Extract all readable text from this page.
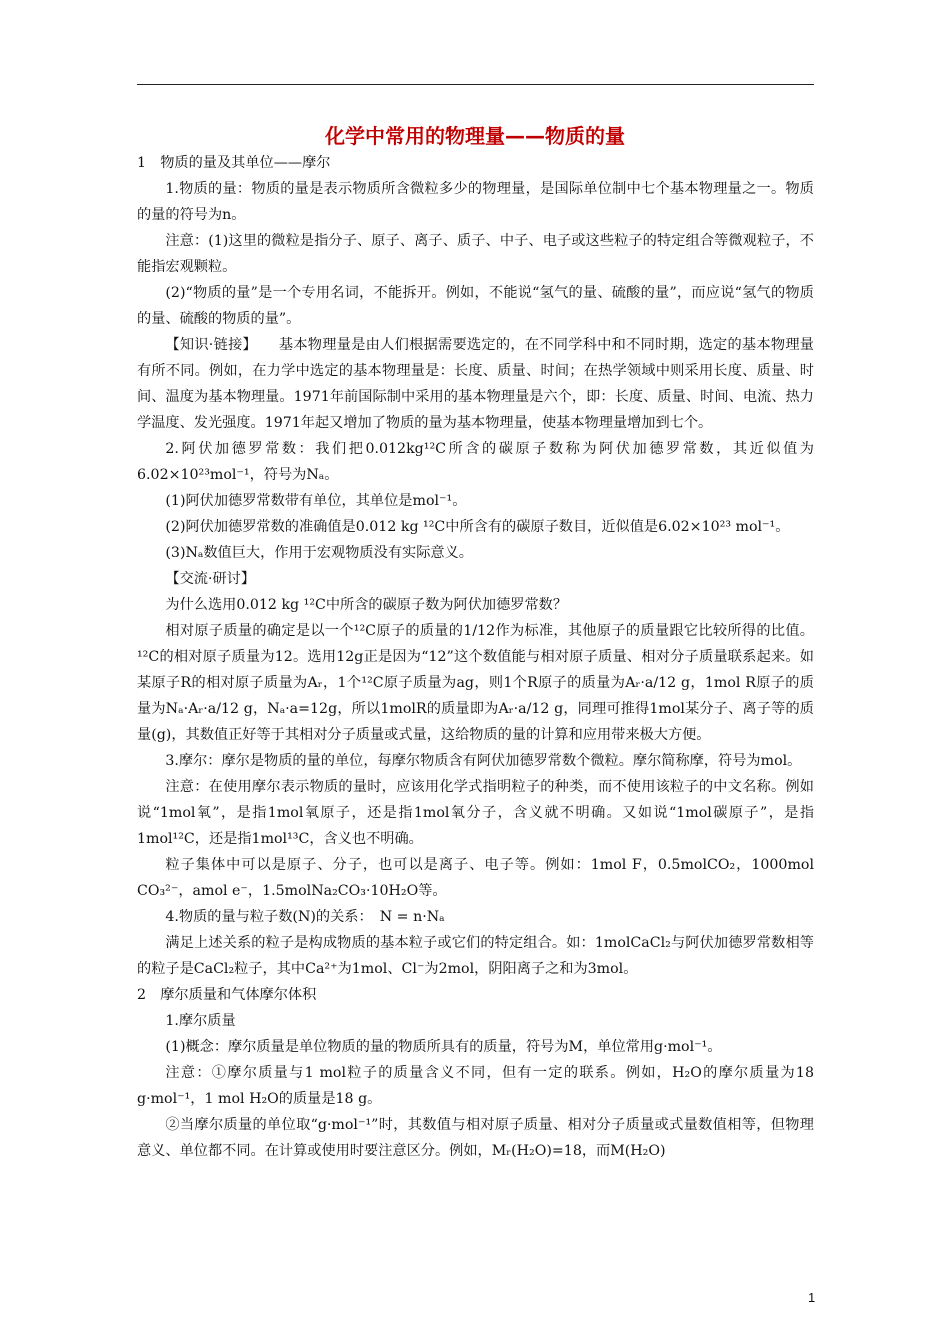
化学中常用的物理量——物质的量

1　物质的量及其单位——摩尔

1.物质的量：物质的量是表示物质所含微粒多少的物理量，是国际单位制中七个基本物理量之一。物质的量的符号为n。

注意：(1)这里的微粒是指分子、原子、离子、质子、中子、电子或这些粒子的特定组合等微观粒子，不能指宏观颗粒。

(2)“物质的量”是一个专用名词，不能拆开。例如，不能说“氢气的量、硫酸的量”，而应说“氢气的物质的量、硫酸的物质的量”。

【知识·链接】　　基本物理量是由人们根据需要选定的，在不同学科中和不同时期，选定的基本物理量有所不同。例如，在力学中选定的基本物理量是：长度、质量、时间；在热学领域中则采用长度、质量、时间、温度为基本物理量。1971年前国际制中采用的基本物理量是六个，即：长度、质量、时间、电流、热力学温度、发光强度。1971年起又增加了物质的量为基本物理量，使基本物理量增加到七个。

2.阿伏加德罗常数：我们把0.012kg¹²C所含的碳原子数称为阿伏加德罗常数，其近似值为6.02×10²³mol⁻¹，符号为Nₐ。

(1)阿伏加德罗常数带有单位，其单位是mol⁻¹。

(2)阿伏加德罗常数的准确值是0.012 kg ¹²C中所含有的碳原子数目，近似值是6.02×10²³ mol⁻¹。

(3)Nₐ数值巨大，作用于宏观物质没有实际意义。

【交流·研讨】

为什么选用0.012 kg ¹²C中所含的碳原子数为阿伏加德罗常数？

相对原子质量的确定是以一个¹²C原子的质量的1/12作为标准，其他原子的质量跟它比较所得的比值。¹²C的相对原子质量为12。选用12g正是因为“12”这个数值能与相对原子质量、相对分子质量联系起来。如某原子R的相对原子质量为Aᵣ，1个¹²C原子质量为ag，则1个R原子的质量为Aᵣ·a/12 g，1mol R原子的质量为Nₐ·Aᵣ·a/12 g，Nₐ·a=12g，所以1molR的质量即为Aᵣ·a/12 g，同理可推得1mol某分子、离子等的质量(g)，其数值正好等于其相对分子质量或式量，这给物质的量的计算和应用带来极大方便。

3.摩尔：摩尔是物质的量的单位，每摩尔物质含有阿伏加德罗常数个微粒。摩尔简称摩，符号为mol。

注意：在使用摩尔表示物质的量时，应该用化学式指明粒子的种类，而不使用该粒子的中文名称。例如说“1mol氧”，是指1mol氧原子，还是指1mol氧分子，含义就不明确。又如说“1mol碳原子”，是指1mol¹²C，还是指1mol¹³C，含义也不明确。

粒子集体中可以是原子、分子，也可以是离子、电子等。例如：1mol F，0.5molCO₂，1000mol CO₃²⁻，amol e⁻，1.5molNa₂CO₃·10H₂O等。

4.物质的量与粒子数(N)的关系：　N = n·Nₐ

满足上述关系的粒子是构成物质的基本粒子或它们的特定组合。如：1molCaCl₂与阿伏加德罗常数相等的粒子是CaCl₂粒子，其中Ca²⁺为1mol、Cl⁻为2mol，阴阳离子之和为3mol。

2　摩尔质量和气体摩尔体积

1.摩尔质量

(1)概念：摩尔质量是单位物质的量的物质所具有的质量，符号为M，单位常用g·mol⁻¹。

注意：①摩尔质量与1 mol粒子的质量含义不同，但有一定的联系。例如，H₂O的摩尔质量为18 g·mol⁻¹，1 mol H₂O的质量是18 g。

②当摩尔质量的单位取“g·mol⁻¹”时，其数值与相对原子质量、相对分子质量或式量数值相等，但物理意义、单位都不同。在计算或使用时要注意区分。例如，Mᵣ(H₂O)=18，而M(H₂O)

1
